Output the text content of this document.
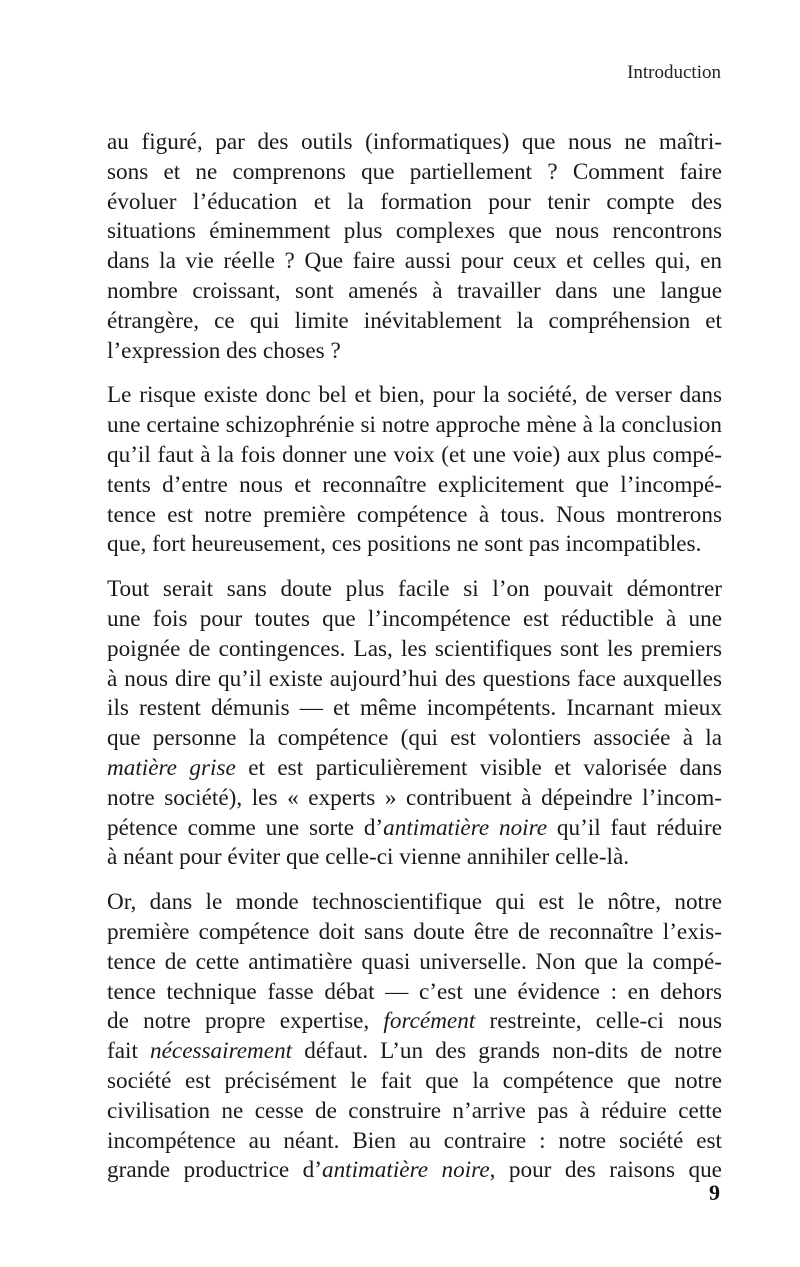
Introduction

au figuré, par des outils (informatiques) que nous ne maîtri-
sons et ne comprenons que partiellement ? Comment faire
évoluer l’éducation et la formation pour tenir compte des
situations éminemment plus complexes que nous rencontrons
dans la vie réelle ? Que faire aussi pour ceux et celles qui, en
nombre croissant, sont amenés à travailler dans une langue
étrangère, ce qui limite inévitablement la compréhension et
l’expression des choses ?

Le risque existe donc bel et bien, pour la société, de verser dans
une certaine schizophrénie si notre approche mène à la conclusion
qu’il faut à la fois donner une voix (et une voie) aux plus compé-
tents d’entre nous et reconnaître explicitement que l’incompé-
tence est notre première compétence à tous. Nous montrerons
que, fort heureusement, ces positions ne sont pas incompatibles.

Tout serait sans doute plus facile si l’on pouvait démontrer
une fois pour toutes que l’incompétence est réductible à une
poignée de contingences. Las, les scientifiques sont les premiers
à nous dire qu’il existe aujourd’hui des questions face auxquelles
ils restent démunis — et même incompétents. Incarnant mieux
que personne la compétence (qui est volontiers associée à la
matière grise et est particulièrement visible et valorisée dans
notre société), les « experts » contribuent à dépeindre l’incom-
pétence comme une sorte d’antimatière noire qu’il faut réduire
à néant pour éviter que celle-ci vienne annihiler celle-là.

Or, dans le monde technoscientifique qui est le nôtre, notre
première compétence doit sans doute être de reconnaître l’exis-
tence de cette antimatière quasi universelle. Non que la compé-
tence technique fasse débat — c’est une évidence : en dehors
de notre propre expertise, forcément restreinte, celle-ci nous
fait nécessairement défaut. L’un des grands non-dits de notre
société est précisément le fait que la compétence que notre
civilisation ne cesse de construire n’arrive pas à réduire cette
incompétence au néant. Bien au contraire : notre société est
grande productrice d’antimatière noire, pour des raisons que

9
